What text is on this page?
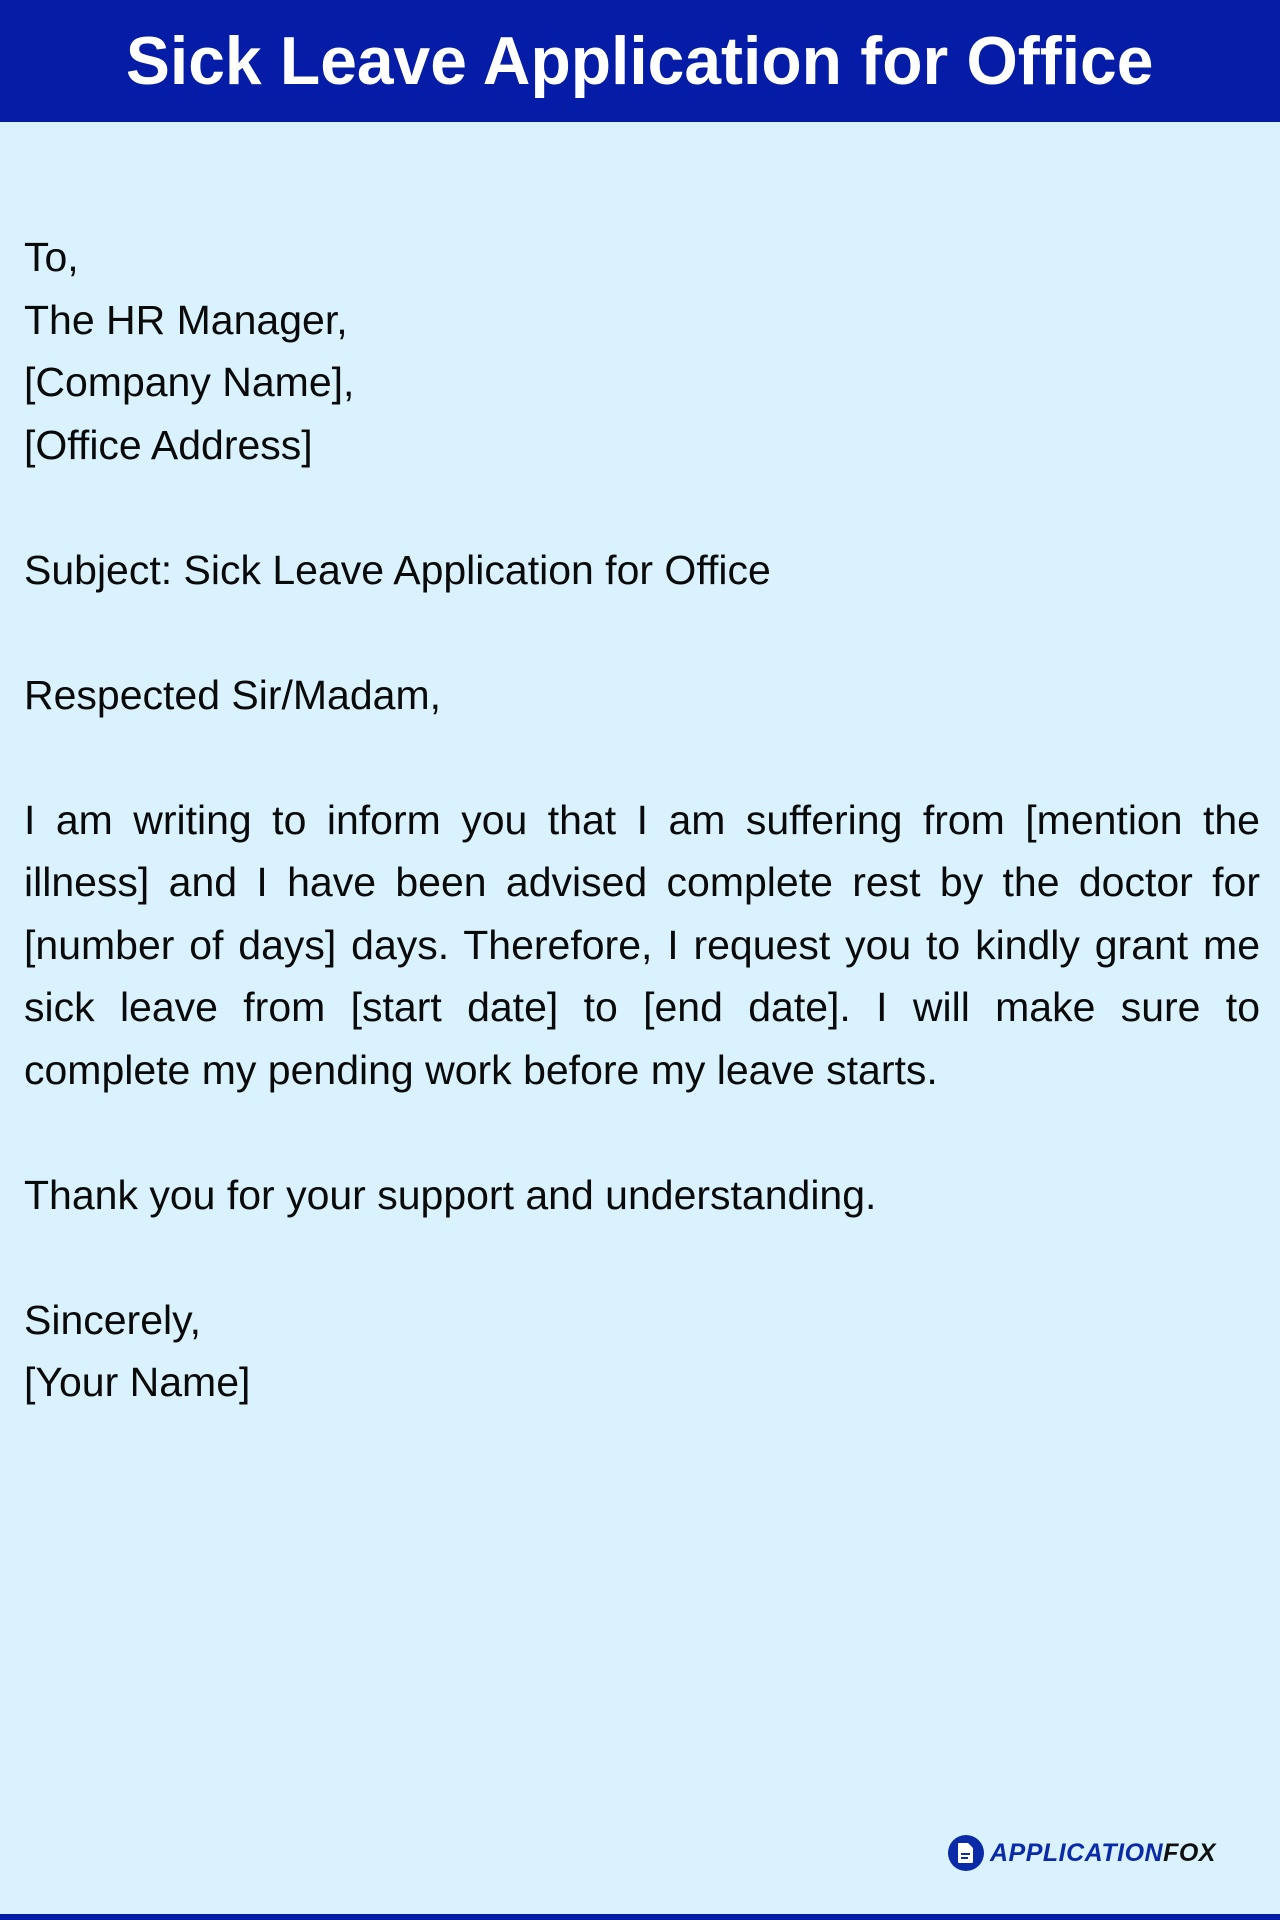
Sick Leave Application for Office
To,
The HR Manager,
[Company Name],
[Office Address]
Subject: Sick Leave Application for Office
Respected Sir/Madam,
I am writing to inform you that I am suffering from [mention the illness] and I have been advised complete rest by the doctor for [number of days] days. Therefore, I request you to kindly grant me sick leave from [start date] to [end date]. I will make sure to complete my pending work before my leave starts.
Thank you for your support and understanding.
Sincerely,
[Your Name]
APPLICATIONFOX
